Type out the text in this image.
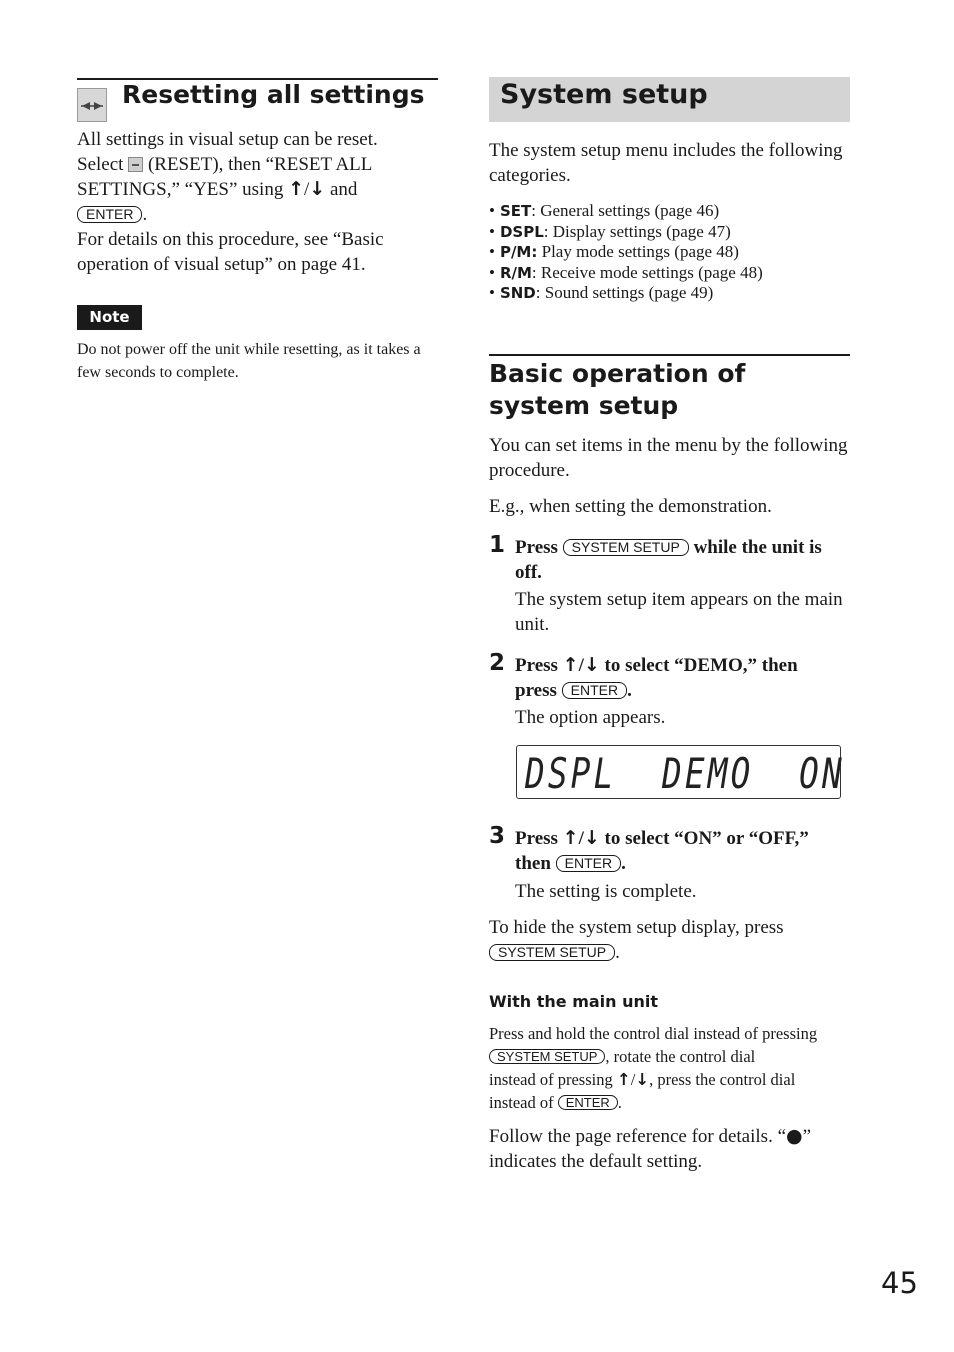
Resetting all settings
All settings in visual setup can be reset.
Select (RESET), then “RESET ALL
SETTINGS,” “YES” using ↑/↓ and
ENTER .
For details on this procedure, see “Basic operation of visual setup” on page 41.
Note
Do not power off the unit while resetting, as it takes a few seconds to complete.
System setup
The system setup menu includes the following categories.
• SET: General settings (page 46)
• DSPL: Display settings (page 47)
• P/M: Play mode settings (page 48)
• R/M: Receive mode settings (page 48)
• SND: Sound settings (page 49)
Basic operation of system setup
You can set items in the menu by the following procedure.
E.g., when setting the demonstration.
1 Press SYSTEM SETUP while the unit is off.
The system setup item appears on the main unit.
2 Press ↑/↓ to select “DEMO,” then
press ENTER .
The option appears.
DSPL  DEMO  ON
3 Press ↑/↓ to select “ON” or “OFF,”
then ENTER .
The setting is complete.
To hide the system setup display, press
SYSTEM SETUP .
With the main unit
Press and hold the control dial instead of pressing
SYSTEM SETUP , rotate the control dial
instead of pressing ↑/↓, press the control dial
instead of ENTER .
Follow the page reference for details. “●” indicates the default setting.
45
